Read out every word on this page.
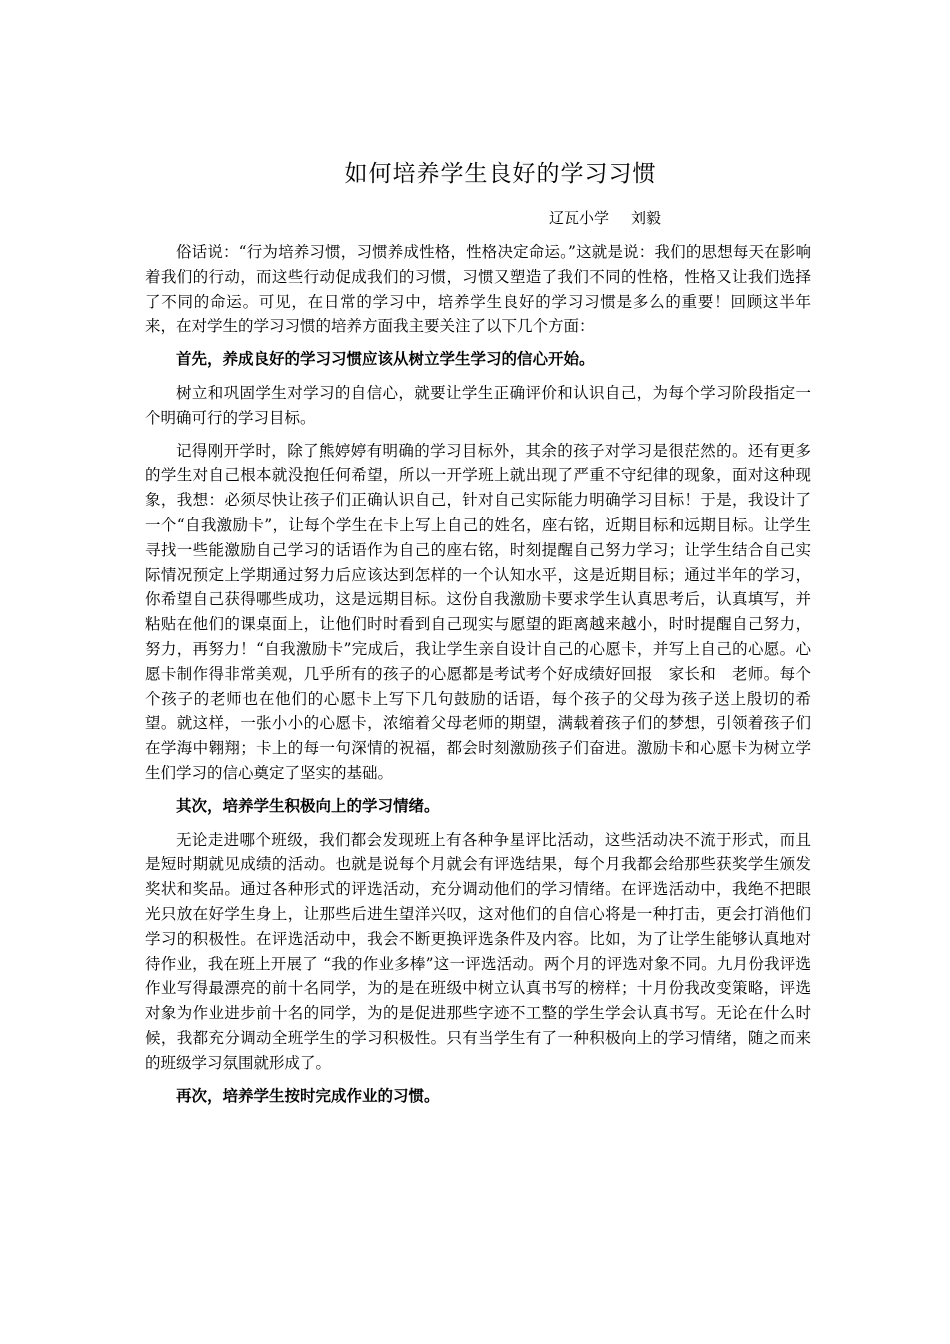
如何培养学生良好的学习习惯
辽瓦小学 刘毅

俗话说：“行为培养习惯，习惯养成性格，性格决定命运。”这就是说：我们的思想每天在影响着我们的行动，而这些行动促成我们的习惯，习惯又塑造了我们不同的性格，性格又让我们选择了不同的命运。可见，在日常的学习中，培养学生良好的学习习惯是多么的重要！回顾这半年来，在对学生的学习习惯的培养方面我主要关注了以下几个方面：

首先，养成良好的学习习惯应该从树立学生学习的信心开始。

树立和巩固学生对学习的自信心，就要让学生正确评价和认识自己，为每个学习阶段指定一个明确可行的学习目标。

记得刚开学时，除了熊婷婷有明确的学习目标外，其余的孩子对学习是很茫然的。还有更多的学生对自己根本就没抱任何希望，所以一开学班上就出现了严重不守纪律的现象，面对这种现象，我想：必须尽快让孩子们正确认识自己，针对自己实际能力明确学习目标！于是，我设计了一个“自我激励卡”，让每个学生在卡上写上自己的姓名，座右铭，近期目标和远期目标。让学生寻找一些能激励自己学习的话语作为自己的座右铭，时刻提醒自己努力学习；让学生结合自己实际情况预定上学期通过努力后应该达到怎样的一个认知水平，这是近期目标；通过半年的学习，你希望自己获得哪些成功，这是远期目标。这份自我激励卡要求学生认真思考后，认真填写，并粘贴在他们的课桌面上，让他们时时看到自己现实与愿望的距离越来越小，时时提醒自己努力，努力，再努力！“自我激励卡”完成后，我让学生亲自设计自己的心愿卡，并写上自己的心愿。心愿卡制作得非常美观，几乎所有的孩子的心愿都是考试考个好成绩好回报　家长和　老师。每个个孩子的老师也在他们的心愿卡上写下几句鼓励的话语，每个孩子的父母为孩子送上殷切的希望。就这样，一张小小的心愿卡，浓缩着父母老师的期望，满载着孩子们的梦想，引领着孩子们在学海中翱翔；卡上的每一句深情的祝福，都会时刻激励孩子们奋进。激励卡和心愿卡为树立学生们学习的信心奠定了坚实的基础。

其次，培养学生积极向上的学习情绪。

无论走进哪个班级，我们都会发现班上有各种争星评比活动，这些活动决不流于形式，而且是短时期就见成绩的活动。也就是说每个月就会有评选结果，每个月我都会给那些获奖学生颁发奖状和奖品。通过各种形式的评选活动，充分调动他们的学习情绪。在评选活动中，我绝不把眼光只放在好学生身上，让那些后进生望洋兴叹，这对他们的自信心将是一种打击，更会打消他们学习的积极性。在评选活动中，我会不断更换评选条件及内容。比如，为了让学生能够认真地对待作业，我在班上开展了 “我的作业多棒”这一评选活动。两个月的评选对象不同。九月份我评选作业写得最漂亮的前十名同学，为的是在班级中树立认真书写的榜样；十月份我改变策略，评选对象为作业进步前十名的同学，为的是促进那些字迹不工整的学生学会认真书写。无论在什么时候，我都充分调动全班学生的学习积极性。只有当学生有了一种积极向上的学习情绪，随之而来的班级学习氛围就形成了。

再次，培养学生按时完成作业的习惯。
